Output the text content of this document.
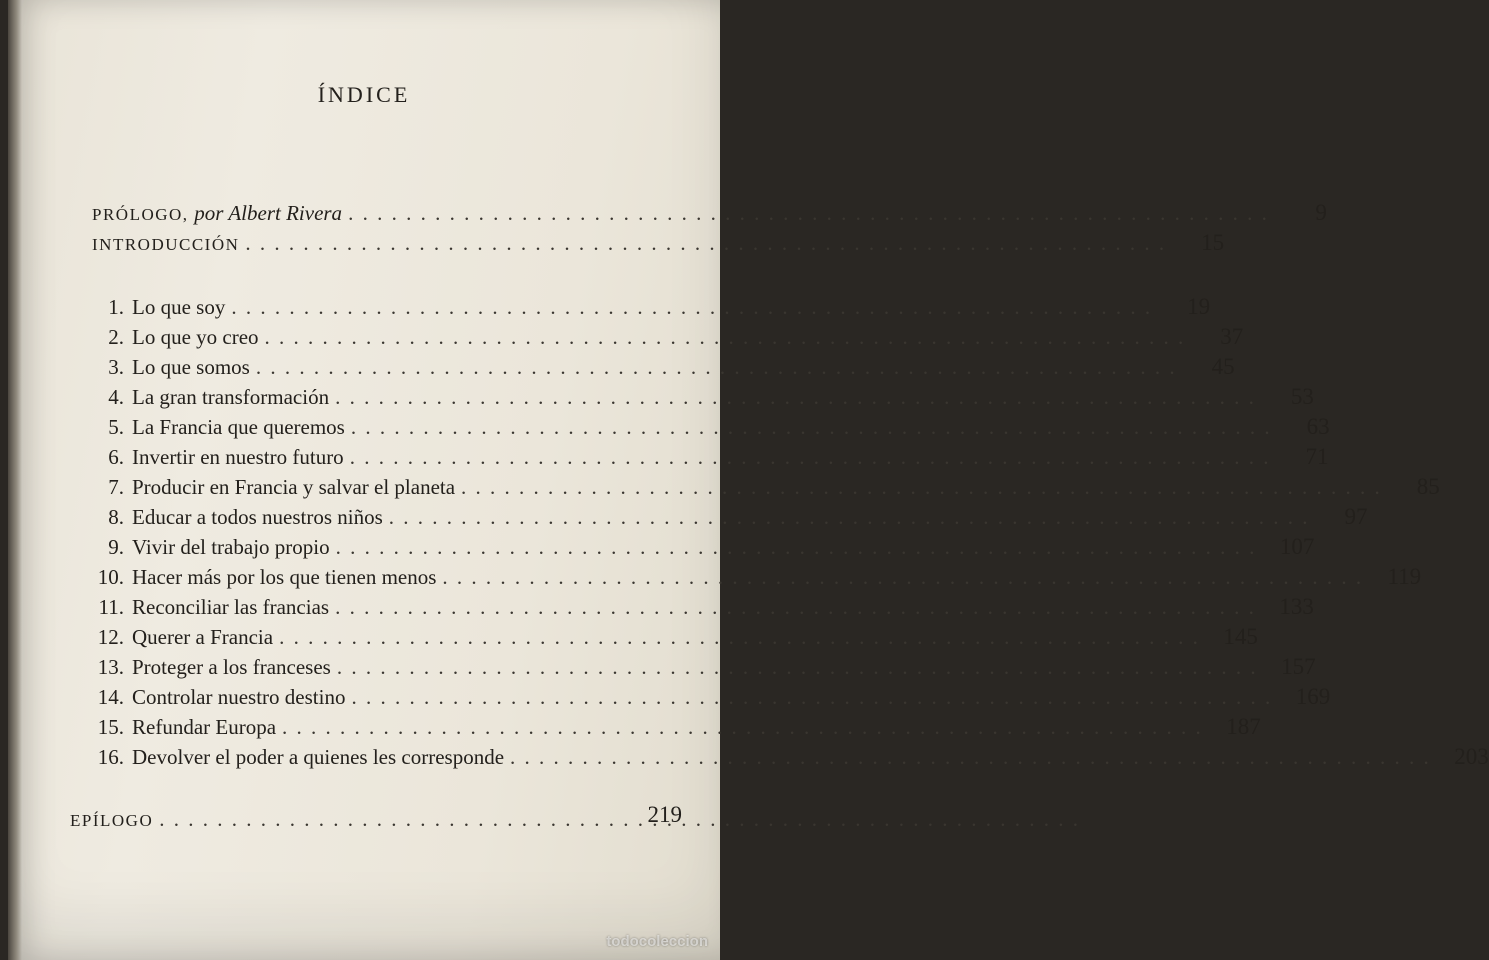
ÍNDICE
PRÓLOGO, por Albert Rivera . . .	9
INTRODUCCIÓN . . .	15
1. Lo que soy . . .	19
2. Lo que yo creo . . .	37
3. Lo que somos . . .	45
4. La gran transformación . . .	53
5. La Francia que queremos . . .	63
6. Invertir en nuestro futuro . . .	71
7. Producir en Francia y salvar el planeta . . .	85
8. Educar a todos nuestros niños . . .	97
9. Vivir del trabajo propio . . .	107
10. Hacer más por los que tienen menos . . .	119
11. Reconciliar las francias . . .	133
12. Querer a Francia . . .	145
13. Proteger a los franceses . . .	157
14. Controlar nuestro destino . . .	169
15. Refundar Europa . . .	187
16. Devolver el poder a quienes les corresponde . . .	203
EPÍLOGO . . .	219
todocoleccion
